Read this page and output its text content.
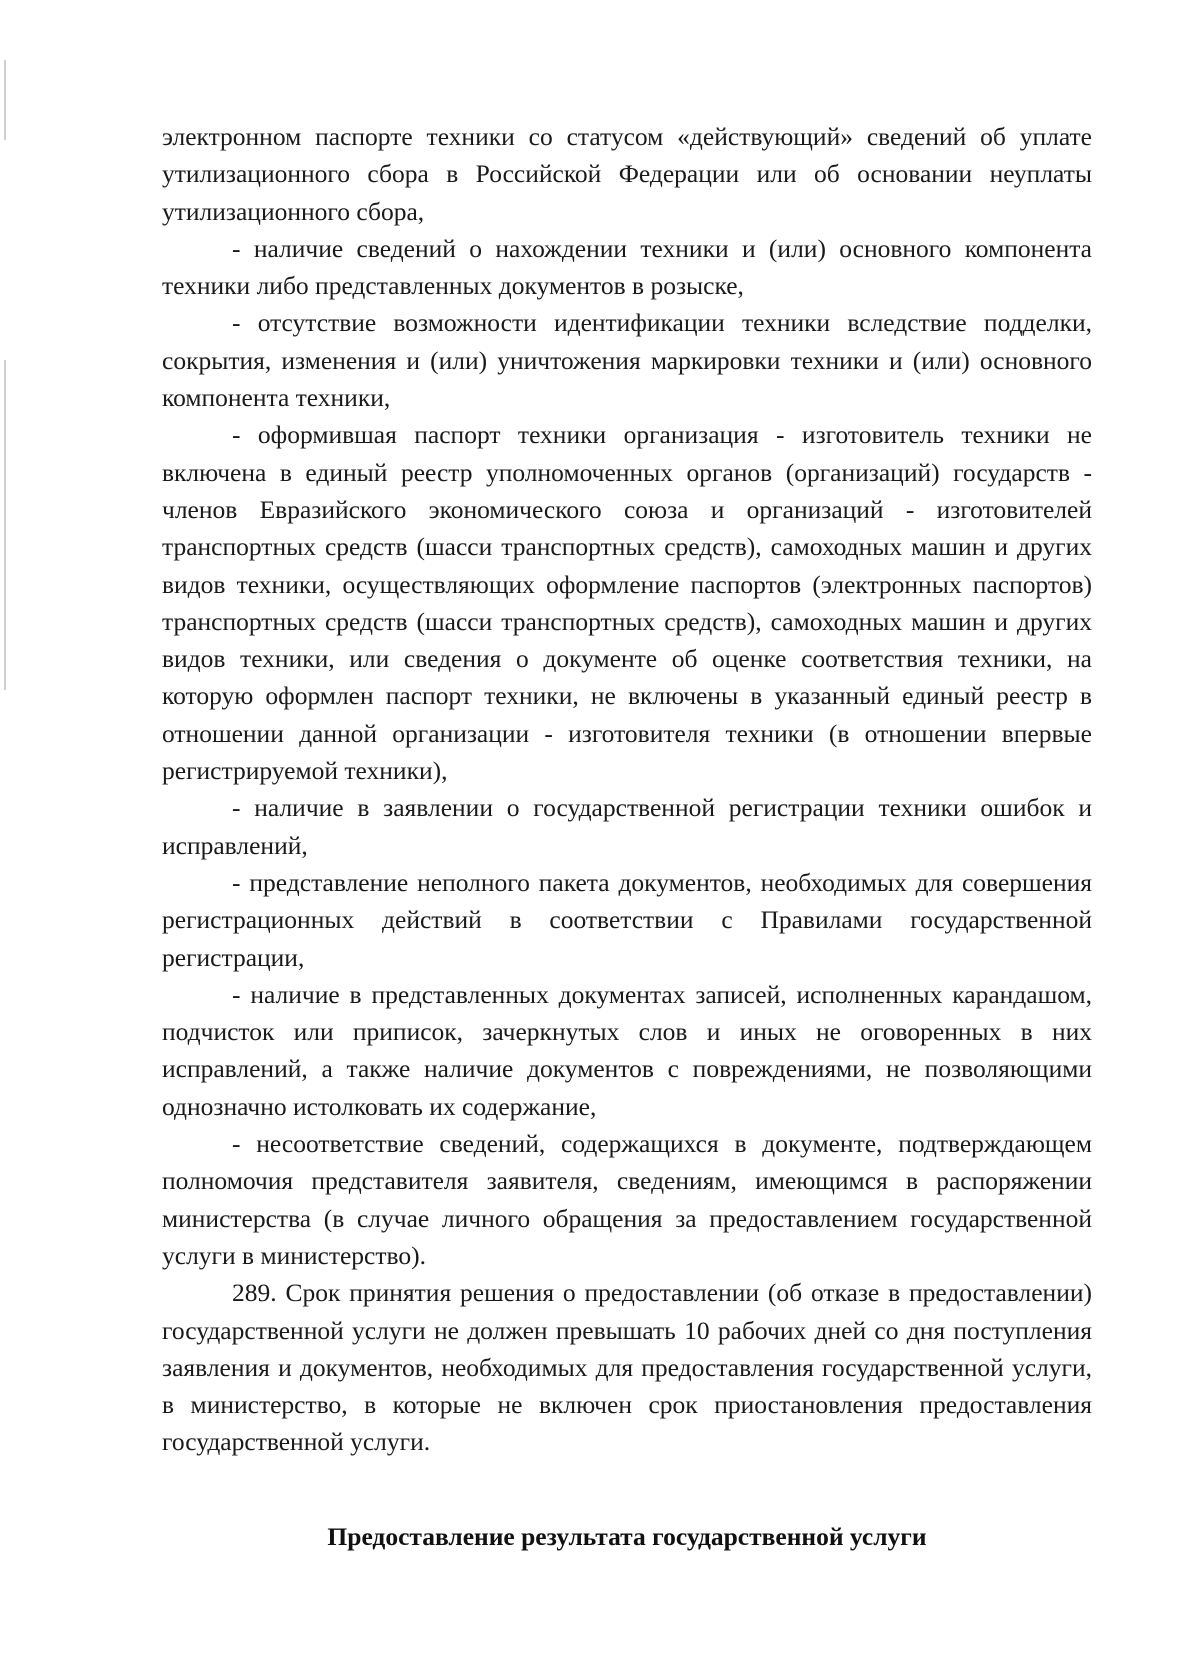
электронном паспорте техники со статусом «действующий» сведений об уплате утилизационного сбора в Российской Федерации или об основании неуплаты утилизационного сбора,

- наличие сведений о нахождении техники и (или) основного компонента техники либо представленных документов в розыске,

- отсутствие возможности идентификации техники вследствие подделки, сокрытия, изменения и (или) уничтожения маркировки техники и (или) основного компонента техники,

- оформившая паспорт техники организация - изготовитель техники не включена в единый реестр уполномоченных органов (организаций) государств - членов Евразийского экономического союза и организаций - изготовителей транспортных средств (шасси транспортных средств), самоходных машин и других видов техники, осуществляющих оформление паспортов (электронных паспортов) транспортных средств (шасси транспортных средств), самоходных машин и других видов техники, или сведения о документе об оценке соответствия техники, на которую оформлен паспорт техники, не включены в указанный единый реестр в отношении данной организации - изготовителя техники (в отношении впервые регистрируемой техники),

- наличие в заявлении о государственной регистрации техники ошибок и исправлений,

- представление неполного пакета документов, необходимых для совершения регистрационных действий в соответствии с Правилами государственной регистрации,

- наличие в представленных документах записей, исполненных карандашом, подчисток или приписок, зачеркнутых слов и иных не оговоренных в них исправлений, а также наличие документов с повреждениями, не позволяющими однозначно истолковать их содержание,

- несоответствие сведений, содержащихся в документе, подтверждающем полномочия представителя заявителя, сведениям, имеющимся в распоряжении министерства (в случае личного обращения за предоставлением государственной услуги в министерство).

289. Срок принятия решения о предоставлении (об отказе в предоставлении) государственной услуги не должен превышать 10 рабочих дней со дня поступления заявления и документов, необходимых для предоставления государственной услуги, в министерство, в которые не включен срок приостановления предоставления государственной услуги.

Предоставление результата государственной услуги
